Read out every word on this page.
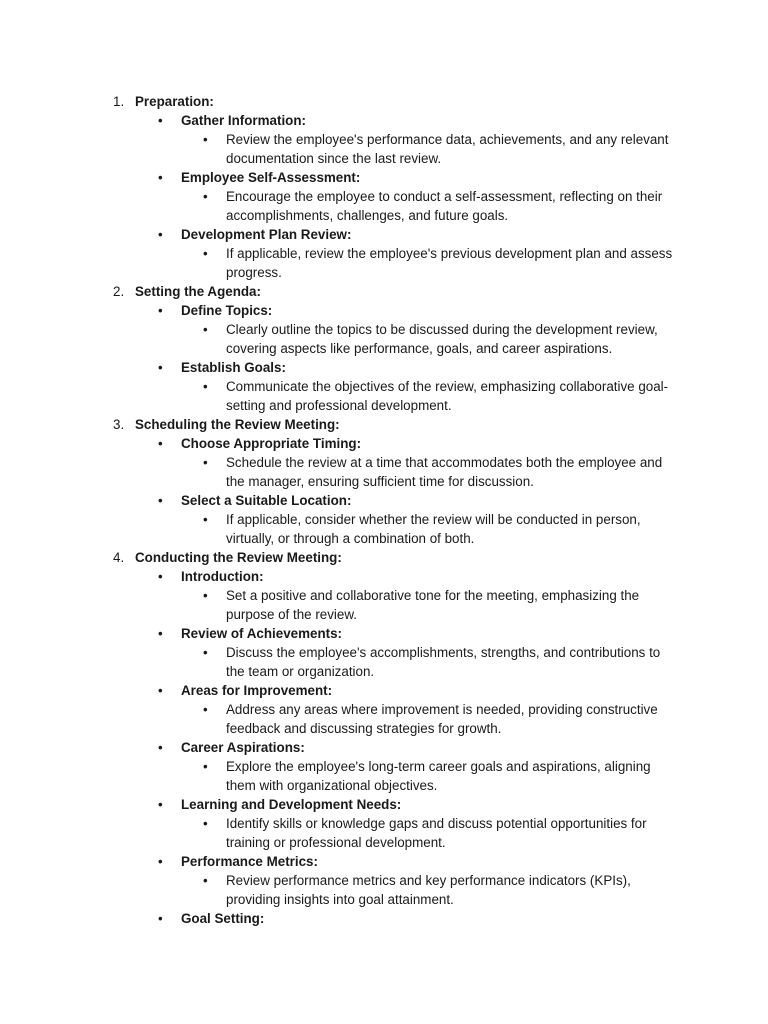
1. Preparation:
• Gather Information:
• Review the employee's performance data, achievements, and any relevant documentation since the last review.
• Employee Self-Assessment:
• Encourage the employee to conduct a self-assessment, reflecting on their accomplishments, challenges, and future goals.
• Development Plan Review:
• If applicable, review the employee's previous development plan and assess progress.
2. Setting the Agenda:
• Define Topics:
• Clearly outline the topics to be discussed during the development review, covering aspects like performance, goals, and career aspirations.
• Establish Goals:
• Communicate the objectives of the review, emphasizing collaborative goal-setting and professional development.
3. Scheduling the Review Meeting:
• Choose Appropriate Timing:
• Schedule the review at a time that accommodates both the employee and the manager, ensuring sufficient time for discussion.
• Select a Suitable Location:
• If applicable, consider whether the review will be conducted in person, virtually, or through a combination of both.
4. Conducting the Review Meeting:
• Introduction:
• Set a positive and collaborative tone for the meeting, emphasizing the purpose of the review.
• Review of Achievements:
• Discuss the employee's accomplishments, strengths, and contributions to the team or organization.
• Areas for Improvement:
• Address any areas where improvement is needed, providing constructive feedback and discussing strategies for growth.
• Career Aspirations:
• Explore the employee's long-term career goals and aspirations, aligning them with organizational objectives.
• Learning and Development Needs:
• Identify skills or knowledge gaps and discuss potential opportunities for training or professional development.
• Performance Metrics:
• Review performance metrics and key performance indicators (KPIs), providing insights into goal attainment.
• Goal Setting:
